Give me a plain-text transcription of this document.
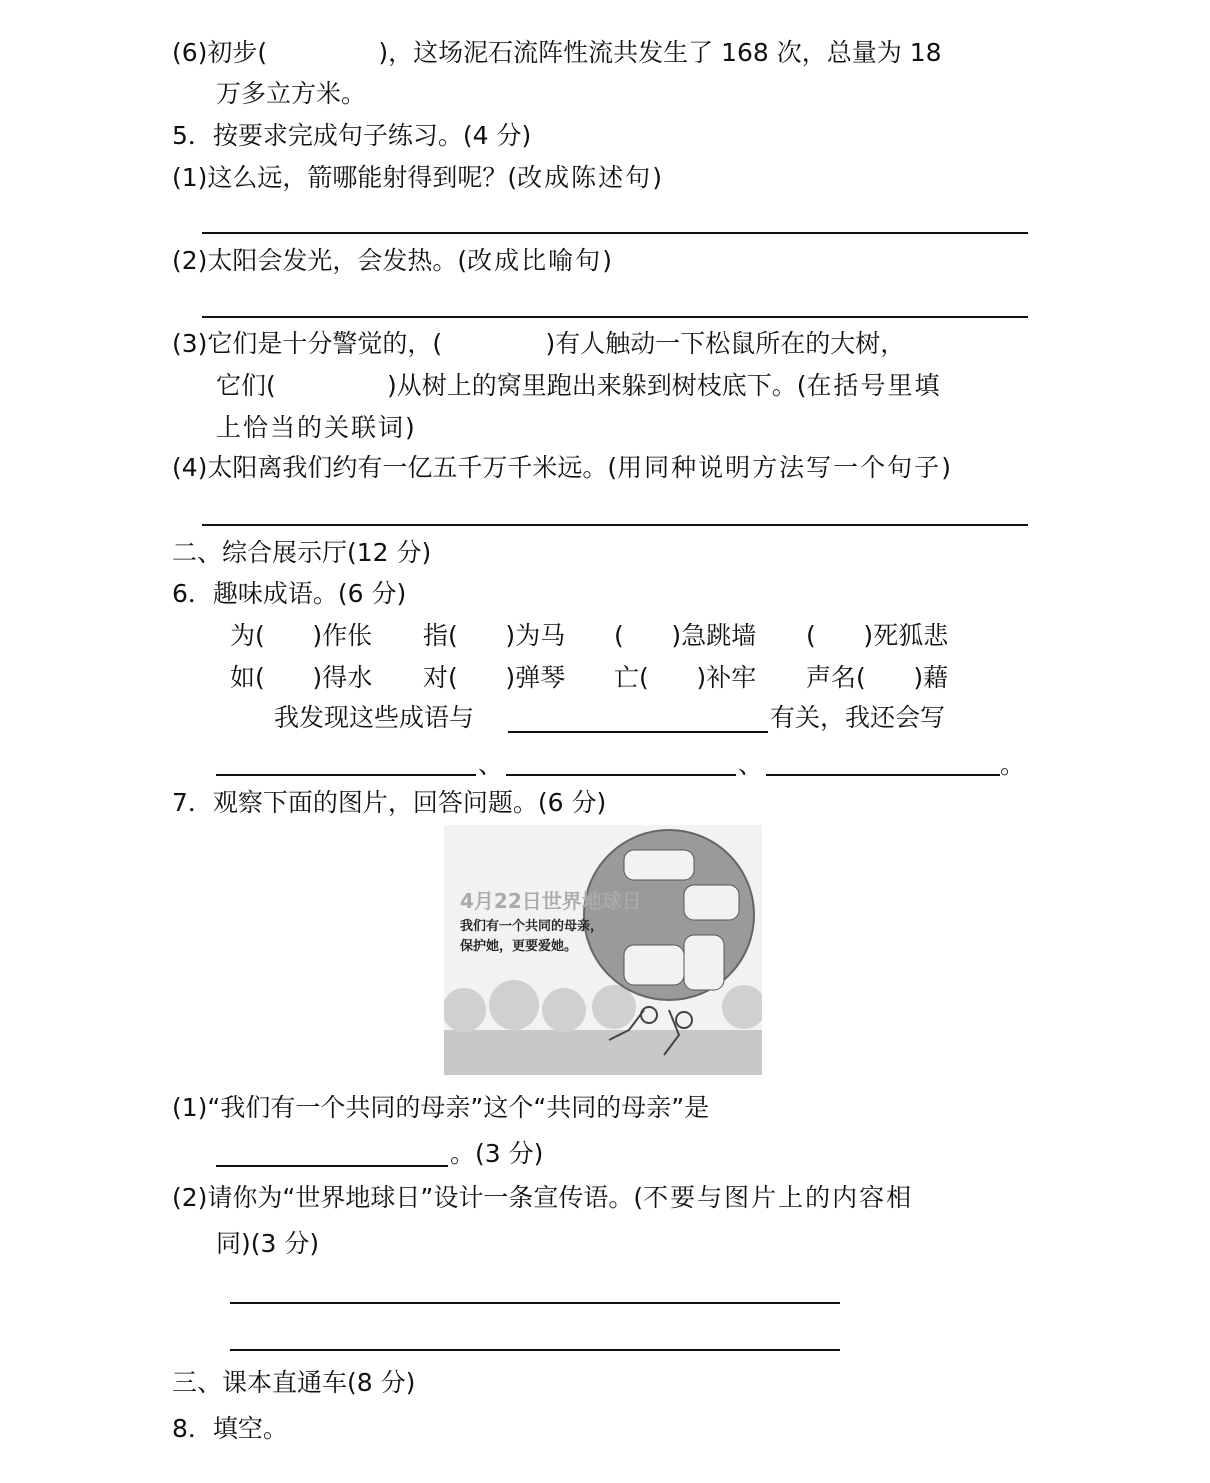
(6)初步(              )，这场泥石流阵性流共发生了 168 次，总量为 18
万多立方米。
5．按要求完成句子练习。(4 分)
(1)这么远，箭哪能射得到呢？(改成陈述句)
(2)太阳会发光，会发热。(改成比喻句)
(3)它们是十分警觉的，(             )有人触动一下松鼠所在的大树，
它们(              )从树上的窝里跑出来躲到树枝底下。(在括号里填
上恰当的关联词)
(4)太阳离我们约有一亿五千万千米远。(用同种说明方法写一个句子)
二、综合展示厅(12 分)
6．趣味成语。(6 分)
为(      )作伥 指(      )为马 (      )急跳墙 (      )死狐悲
如(      )得水 对(      )弹琴 亡(      )补牢 声名(      )藉
我发现这些成语与	有关，我还会写
、	、	。
7．观察下面的图片，回答问题。(6 分)
4月22日世界地球日
我们有一个共同的母亲，
保护她，更要爱她。
(1)“我们有一个共同的母亲”这个“共同的母亲”是
。(3 分)
(2)请你为“世界地球日”设计一条宣传语。(不要与图片上的内容相
同)(3 分)
三、课本直通车(8 分)
8．填空。
